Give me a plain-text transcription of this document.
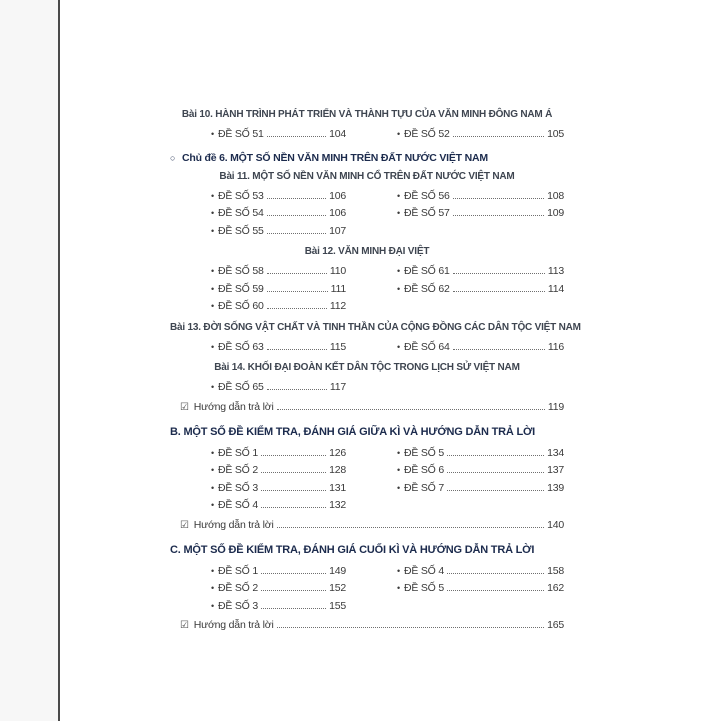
Bài 10. HÀNH TRÌNH PHÁT TRIỂN VÀ THÀNH TỰU CỦA VĂN MINH ĐÔNG NAM Á
• ĐỀ SỐ 51	104	• ĐỀ SỐ 52	105
○ Chủ đề 6. MỘT SỐ NỀN VĂN MINH TRÊN ĐẤT NƯỚC VIỆT NAM
Bài 11. MỘT SỐ NỀN VĂN MINH CỔ TRÊN ĐẤT NƯỚC VIỆT NAM
• ĐỀ SỐ 53	106	• ĐỀ SỐ 56	108
• ĐỀ SỐ 54	106	• ĐỀ SỐ 57	109
• ĐỀ SỐ 55	107
Bài 12. VĂN MINH ĐẠI VIỆT
• ĐỀ SỐ 58	110	• ĐỀ SỐ 61	113
• ĐỀ SỐ 59	111	• ĐỀ SỐ 62	114
• ĐỀ SỐ 60	112
Bài 13. ĐỜI SỐNG VẬT CHẤT VÀ TINH THẦN CỦA CỘNG ĐỒNG CÁC DÂN TỘC VIỆT NAM
• ĐỀ SỐ 63	115	• ĐỀ SỐ 64	116
Bài 14. KHỐI ĐẠI ĐOÀN KẾT DÂN TỘC TRONG LỊCH SỬ VIỆT NAM
• ĐỀ SỐ 65	117
☑ Hướng dẫn trả lời	119
B. MỘT SỐ ĐỀ KIỂM TRA, ĐÁNH GIÁ GIỮA KÌ VÀ HƯỚNG DẪN TRẢ LỜI
• ĐỀ SỐ 1	126	• ĐỀ SỐ 5	134
• ĐỀ SỐ 2	128	• ĐỀ SỐ 6	137
• ĐỀ SỐ 3	131	• ĐỀ SỐ 7	139
• ĐỀ SỐ 4	132
☑ Hướng dẫn trả lời	140
C. MỘT SỐ ĐỀ KIỂM TRA, ĐÁNH GIÁ CUỐI KÌ VÀ HƯỚNG DẪN TRẢ LỜI
• ĐỀ SỐ 1	149	• ĐỀ SỐ 4	158
• ĐỀ SỐ 2	152	• ĐỀ SỐ 5	162
• ĐỀ SỐ 3	155
☑ Hướng dẫn trả lời	165
